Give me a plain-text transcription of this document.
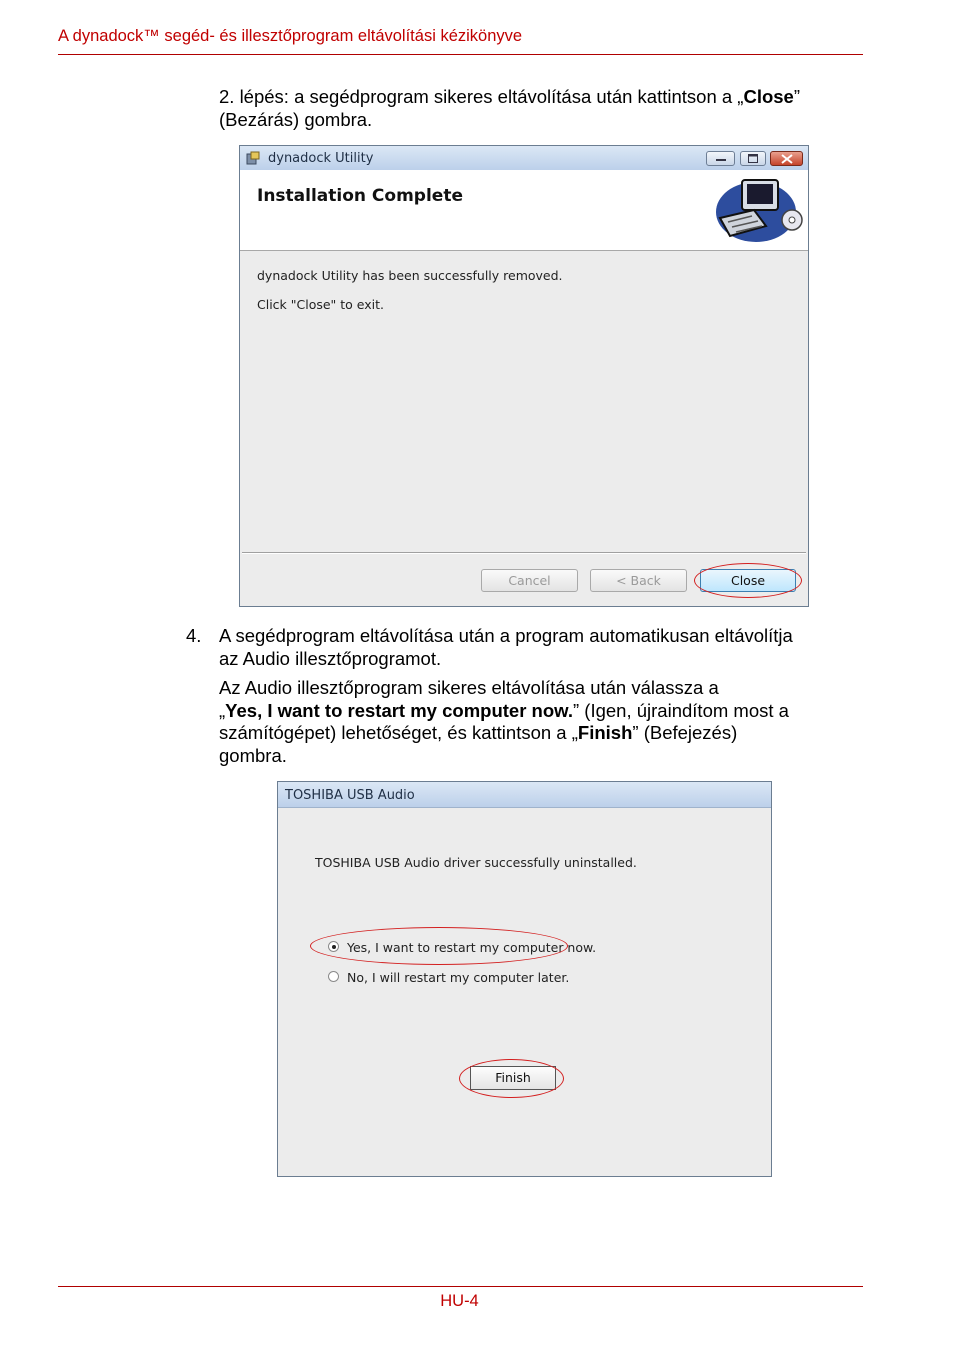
A dynadock™ segéd- és illesztőprogram eltávolítási kézikönyve
2. lépés: a segédprogram sikeres eltávolítása után kattintson a „Close”
(Bezárás) gombra.
dynadock Utility
Installation Complete
dynadock Utility has been successfully removed.
Click "Close" to exit.
Cancel	< Back	Close
4. A segédprogram eltávolítása után a program automatikusan eltávolítja
az Audio illesztőprogramot.
Az Audio illesztőprogram sikeres eltávolítása után válassza a
„Yes, I want to restart my computer now.” (Igen, újraindítom most a
számítógépet) lehetőséget, és kattintson a „Finish” (Befejezés)
gombra.
TOSHIBA USB Audio
TOSHIBA USB Audio driver successfully uninstalled.
Yes, I want to restart my computer now.
No, I will restart my computer later.
Finish
HU-4
